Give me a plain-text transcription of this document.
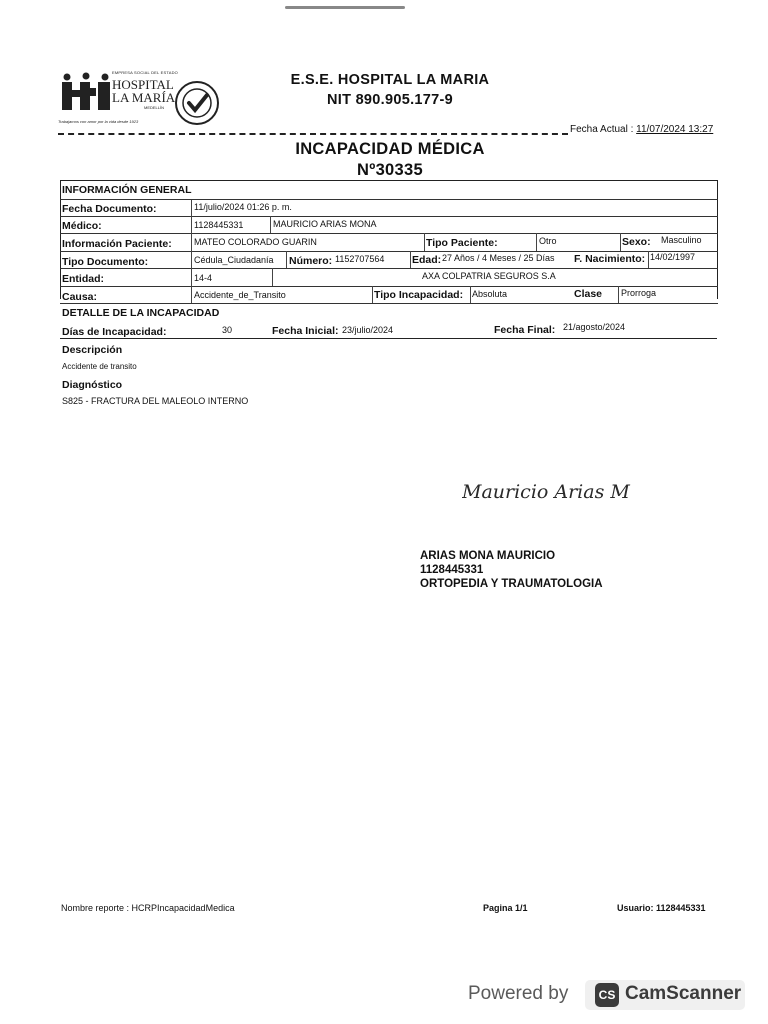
EMPRESA SOCIAL DEL ESTADO
HOSPITAL
LA MARÍA
MEDELLÍN
Trabajamos con amor por la vida desde 1923
E.S.E. HOSPITAL LA MARIA
NIT 890.905.177-9
Fecha Actual : 11/07/2024 13:27
INCAPACIDAD MÉDICA
Nº30335
INFORMACIÓN GENERAL
Fecha Documento:	11/julio/2024 01:26 p. m.
Médico:	1128445331	MAURICIO ARIAS MONA
Información Paciente: MATEO COLORADO GUARIN	Tipo Paciente:	Otro	Sexo: Masculino
Tipo Documento:	Cédula_Ciudadanía Número: 1152707564	Edad: 27 Años / 4 Meses / 25 Días F. Nacimiento: 14/02/1997
Entidad:	14-4	AXA COLPATRIA SEGUROS S.A
Causa:	Accidente_de_Transito	Tipo Incapacidad: Absoluta	Clase Prorroga
DETALLE DE LA INCAPACIDAD
Días de Incapacidad:	30	Fecha Inicial: 23/julio/2024	Fecha Final: 21/agosto/2024
Descripción
Accidente de transito
Diagnóstico
S825 - FRACTURA DEL MALEOLO INTERNO
Mauricio Arias M
ARIAS MONA MAURICIO
1128445331
ORTOPEDIA Y TRAUMATOLOGIA
Nombre reporte : HCRPIncapacidadMedica	Pagina 1/1	Usuario: 1128445331
Powered by	CS CamScanner
